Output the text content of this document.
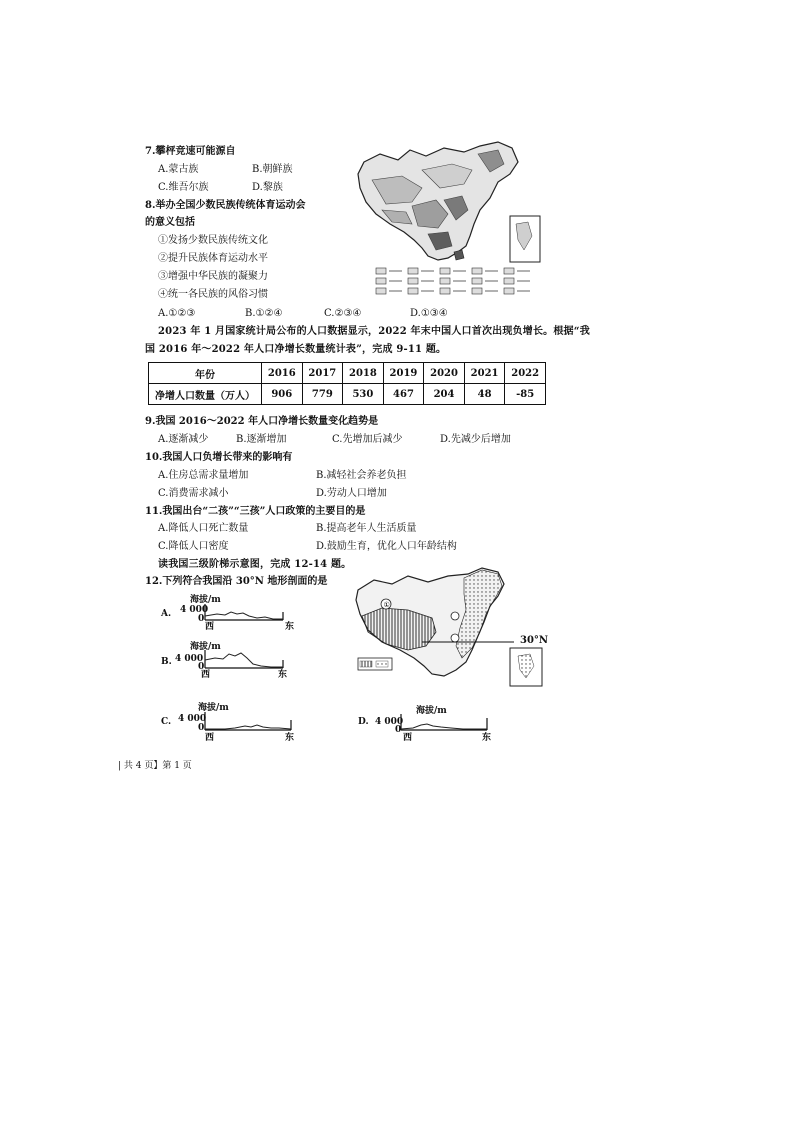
7.攀枰竞速可能源自
A.蒙古族	B.朝鲜族
C.维吾尔族	D.黎族
8.举办全国少数民族传统体育运动会
的意义包括
①发扬少数民族传统文化
②提升民族体育运动水平
③增强中华民族的凝聚力
④统一各民族的风俗习惯
A.①②③	B.①②④	C.②③④	D.①③④
2023 年 1 月国家统计局公布的人口数据显示，2022 年末中国人口首次出现负增长。根据“我
国 2016 年～2022 年人口净增长数量统计表”，完成 9-11 题。
年份	2016	2017	2018	2019	2020	2021	2022
净增人口数量（万人）	906	779	530	467	204	48	-85
9.我国 2016～2022 年人口净增长数量变化趋势是
A.逐渐减少	B.逐渐增加	C.先增加后减少	D.先减少后增加
10.我国人口负增长带来的影响有
A.住房总需求量增加	B.减轻社会养老负担
C.消费需求减小	D.劳动人口增加
11.我国出台“二孩”“三孩”人口政策的主要目的是
A.降低人口死亡数量	B.提高老年人生活质量
C.降低人口密度	D.鼓励生育，优化人口年龄结构
读我国三级阶梯示意图，完成 12-14 题。
12.下列符合我国沿 30°N 地形剖面的是
①
30°N
海拔/m
A. 4 000
0
西	东
海拔/m
B. 4 000
0
西	东
海拔/m
C. 4 000
0
西	东
海拔/m
D. 4 000
0
西	东
| 共 4 页】第 1 页
